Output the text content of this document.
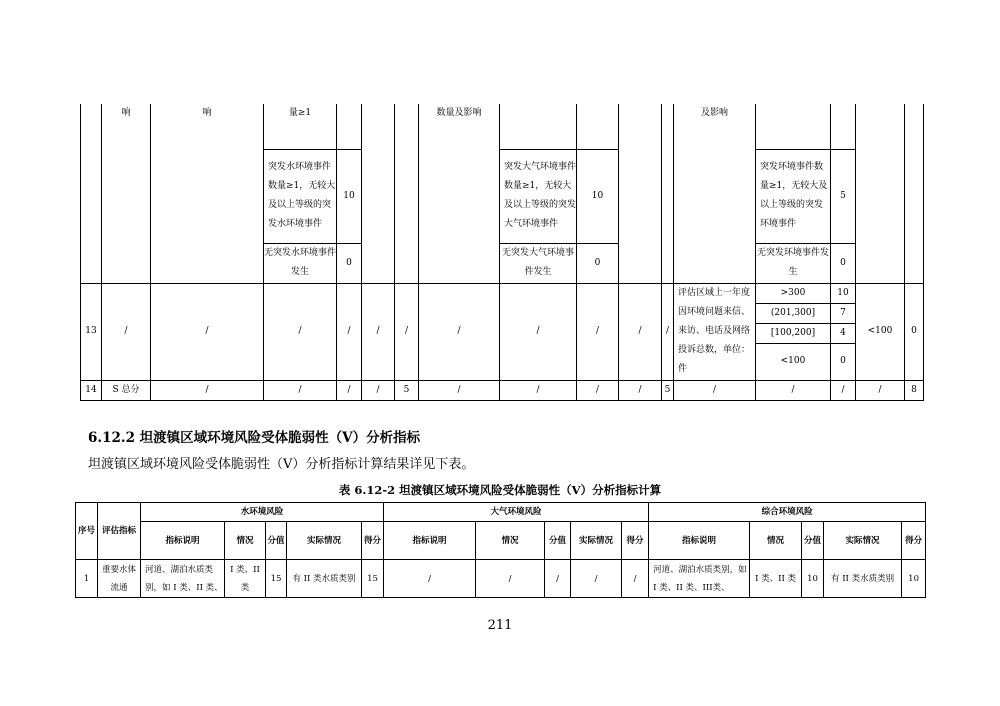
	响	响	量≥1				数量及影响					及影响				
			突发水环境事件数量≥1，无较大及以上等级的突发水环境事件	10				突发大气环境事件数量≥1，无较大及以上等级的突发大气环境事件	10				突发环境事件数量≥1，无较大及以上等级的突发环境事件	5		
			无突发水环境事件发生	0				无突发大气环境事件发生	0				无突发环境事件发生	0		
13	/	/	/	/	/	/	/	/	/	/	/	评估区域上一年度因环境问题来信、来访、电话及网络投诉总数，单位：件	>300	10	<100	0
													(201,300]	7		
													[100,200]	4		
													<100	0		
14	S 总分	/	/	/	/	5	/	/	/	/	5	/	/	/	/	8
6.12.2 坦渡镇区域环境风险受体脆弱性（V）分析指标
坦渡镇区域环境风险受体脆弱性（V）分析指标计算结果详见下表。
表 6.12-2 坦渡镇区域环境风险受体脆弱性（V）分析指标计算
序号	评估指标	水环境风险					大气环境风险					综合环境风险				
		指标说明	情况	分值	实际情况	得分	指标说明	情况	分值	实际情况	得分	指标说明	情况	分值	实际情况	得分
1	重要水体流通	河道、湖泊水质类别，如 I 类、II 类、	I 类、II 类	15	有 II 类水质类别	15	/	/	/	/	/	河道、湖泊水质类别，如 I 类、II 类、III类、	I 类、II 类	10	有 II 类水质类别	10
211
